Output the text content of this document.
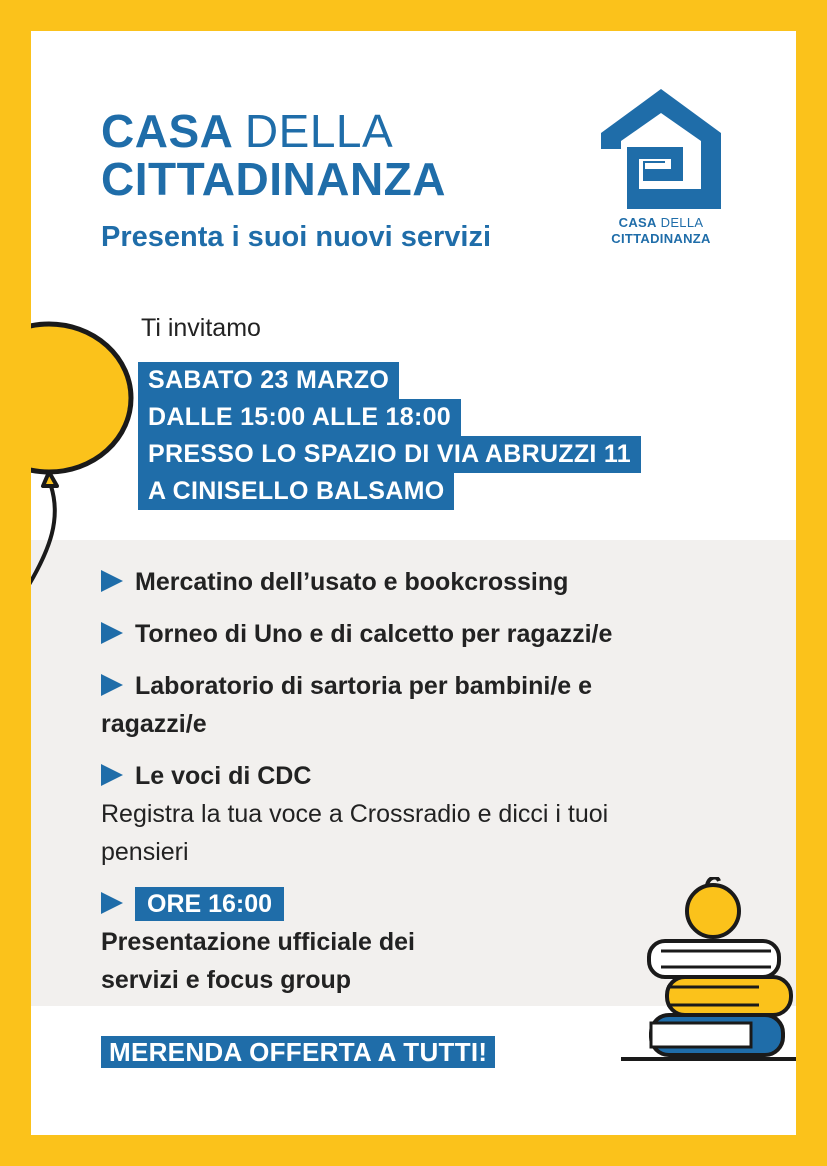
CASA DELLA
CITTADINANZA
Presenta i suoi nuovi servizi	CASA DELLA
CITTADINANZA

Ti invitamo

SABATO 23 MARZO
DALLE 15:00 ALLE 18:00
PRESSO LO SPAZIO DI VIA ABRUZZI 11
A CINISELLO BALSAMO

Mercatino dell’usato e bookcrossing

Torneo di Uno e di calcetto per ragazzi/e

Laboratorio di sartoria per bambini/e e ragazzi/e

Le voci di CDC
Registra la tua voce a Crossradio e dicci i tuoi pensieri

ORE 16:00
Presentazione ufficiale dei servizi e focus group

MERENDA OFFERTA A TUTTI!
